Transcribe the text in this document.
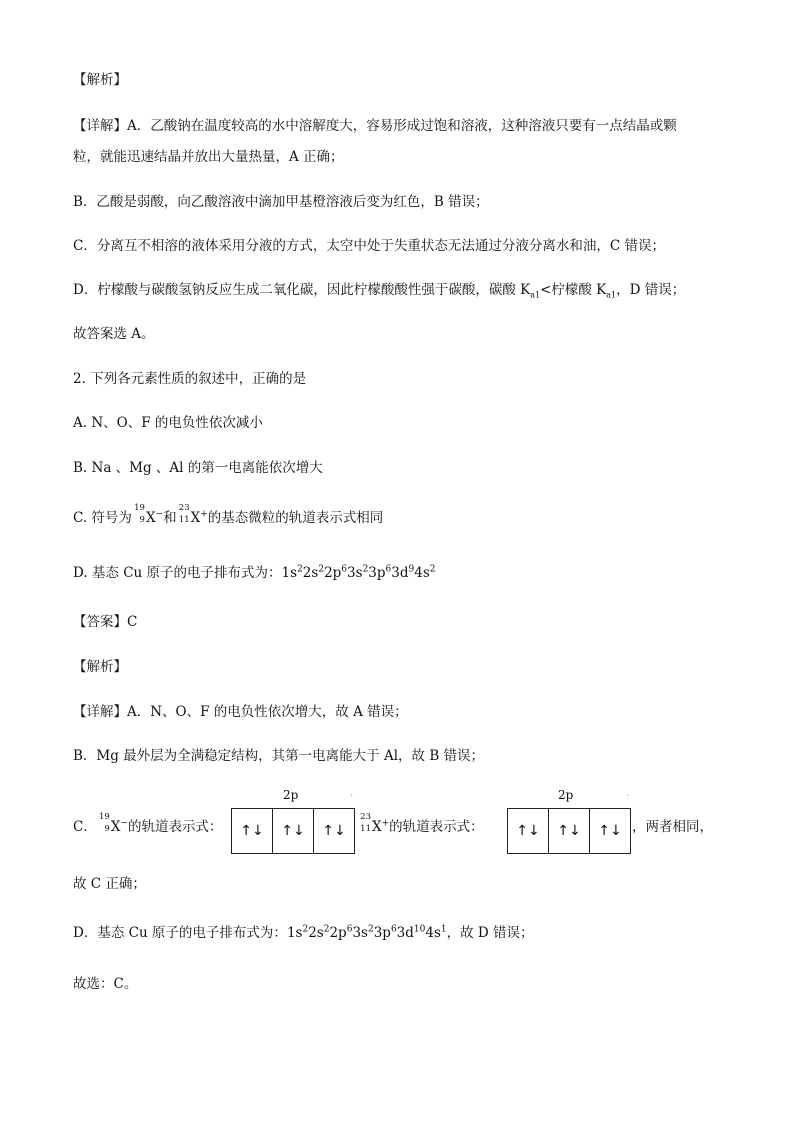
【解析】
【详解】A．乙酸钠在温度较高的水中溶解度大，容易形成过饱和溶液，这种溶液只要有一点结晶或颗
粒，就能迅速结晶并放出大量热量，A 正确；
B．乙酸是弱酸，向乙酸溶液中滴加甲基橙溶液后变为红色，B 错误；
C．分离互不相溶的液体采用分液的方式，太空中处于失重状态无法通过分液分离水和油，C 错误；
D．柠檬酸与碳酸氢钠反应生成二氧化碳，因此柠檬酸酸性强于碳酸，碳酸 $K_{a1}<$柠檬酸 $K_{a1}$，D 错误；
故答案选 A。
2. 下列各元素性质的叙述中，正确的是
A. N、O、F 的电负性依次减小
B. Na 、Mg 、Al 的第一电离能依次增大
C. 符号为
19
9 X−和
23
11 X+的基态微粒的轨道表示式相同
D. 基态 Cu 原子的电子排布式为：$1s^22s^22p^63s^23p^63d^94s^2$
【答案】C
【解析】
【详解】A．N、O、F 的电负性依次增大，故 A 错误；
B．Mg 最外层为全满稳定结构，其第一电离能大于 Al，故 B 错误；
C．
19
9 X−的轨道表示式：
2p	.
↑↓	↑↓	↑↓
23
11 X+的轨道表示式：
2p	.
↑↓	↑↓	↑↓ ，两者相同，
故 C 正确；
D．基态 Cu 原子的电子排布式为：$1s^22s^22p^63s^23p^63d^{10}4s^1$，故 D 错误；
故选：C。
